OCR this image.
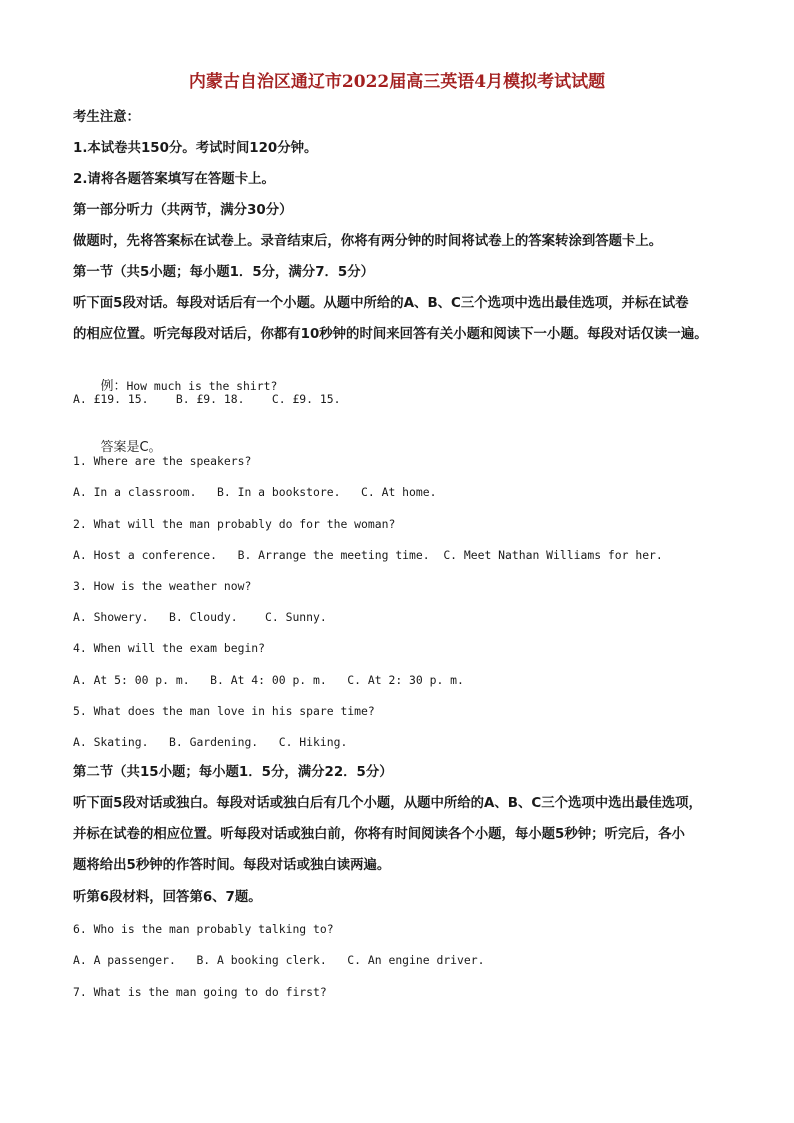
内蒙古自治区通辽市2022届高三英语4月模拟考试试题
考生注意：
1.本试卷共150分。考试时间120分钟。
2.请将各题答案填写在答题卡上。
第一部分听力（共两节，满分30分）
做题时，先将答案标在试卷上。录音结束后，你将有两分钟的时间将试卷上的答案转涂到答题卡上。
第一节（共5小题；每小题1．5分，满分7．5分）
听下面5段对话。每段对话后有一个小题。从题中所给的A、B、C三个选项中选出最佳选项，并标在试卷
的相应位置。听完每段对话后，你都有10秒钟的时间来回答有关小题和阅读下一小题。每段对话仅读一遍。

例：How much is the shirt?

A. £19. 15.    B. £9. 18.    C. £9. 15.

答案是C。

1. Where are the speakers?
A. In a classroom.   B. In a bookstore.   C. At home.
2. What will the man probably do for the woman?
A. Host a conference.   B. Arrange the meeting time.  C. Meet Nathan Williams for her.
3. How is the weather now?
A. Showery.   B. Cloudy.    C. Sunny.
4. When will the exam begin?
A. At 5: 00 p. m.   B. At 4: 00 p. m.   C. At 2: 30 p. m.
5. What does the man love in his spare time?
A. Skating.   B. Gardening.   C. Hiking.
第二节（共15小题；每小题1．5分，满分22．5分）
听下面5段对话或独白。每段对话或独白后有几个小题，从题中所给的A、B、C三个选项中选出最佳选项，
并标在试卷的相应位置。听每段对话或独白前，你将有时间阅读各个小题，每小题5秒钟；听完后，各小
题将给出5秒钟的作答时间。每段对话或独白读两遍。
听第6段材料，回答第6、7题。
6. Who is the man probably talking to?
A. A passenger.   B. A booking clerk.   C. An engine driver.
7. What is the man going to do first?
